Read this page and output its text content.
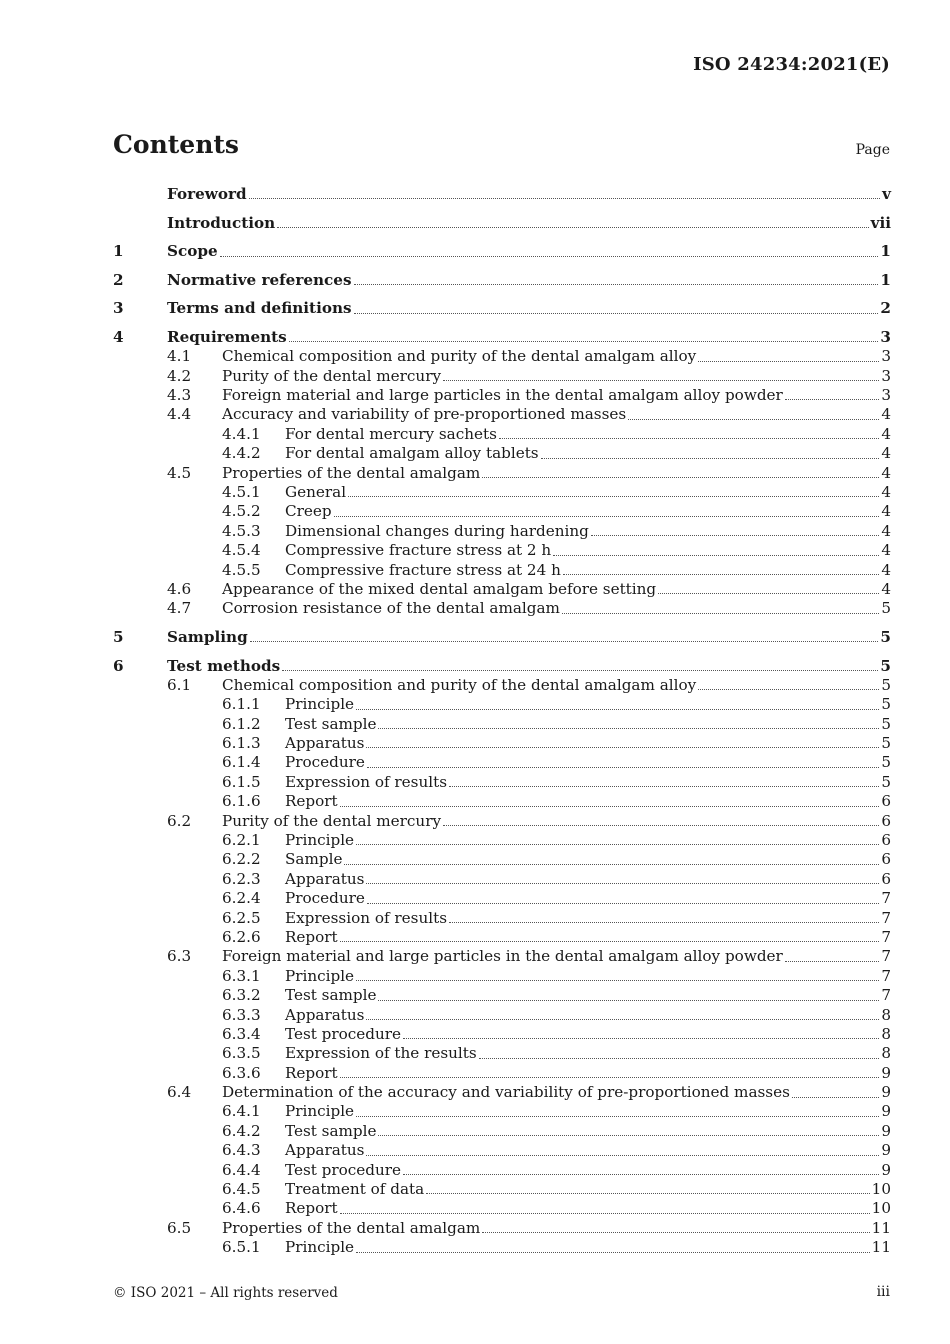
ISO 24234:2021(E)
Contents	Page
Foreword	v
Introduction	vii
1	Scope	1
2	Normative references	1
3	Terms and definitions	2
4	Requirements	3
4.1	Chemical composition and purity of the dental amalgam alloy	3
4.2	Purity of the dental mercury	3
4.3	Foreign material and large particles in the dental amalgam alloy powder	3
4.4	Accuracy and variability of pre-proportioned masses	4
4.4.1	For dental mercury sachets	4
4.4.2	For dental amalgam alloy tablets	4
4.5	Properties of the dental amalgam	4
4.5.1	General	4
4.5.2	Creep	4
4.5.3	Dimensional changes during hardening	4
4.5.4	Compressive fracture stress at 2 h	4
4.5.5	Compressive fracture stress at 24 h	4
4.6	Appearance of the mixed dental amalgam before setting	4
4.7	Corrosion resistance of the dental amalgam	5
5	Sampling	5
6	Test methods	5
6.1	Chemical composition and purity of the dental amalgam alloy	5
6.1.1	Principle	5
6.1.2	Test sample	5
6.1.3	Apparatus	5
6.1.4	Procedure	5
6.1.5	Expression of results	5
6.1.6	Report	6
6.2	Purity of the dental mercury	6
6.2.1	Principle	6
6.2.2	Sample	6
6.2.3	Apparatus	6
6.2.4	Procedure	7
6.2.5	Expression of results	7
6.2.6	Report	7
6.3	Foreign material and large particles in the dental amalgam alloy powder	7
6.3.1	Principle	7
6.3.2	Test sample	7
6.3.3	Apparatus	8
6.3.4	Test procedure	8
6.3.5	Expression of the results	8
6.3.6	Report	9
6.4	Determination of the accuracy and variability of pre-proportioned masses	9
6.4.1	Principle	9
6.4.2	Test sample	9
6.4.3	Apparatus	9
6.4.4	Test procedure	9
6.4.5	Treatment of data	10
6.4.6	Report	10
6.5	Properties of the dental amalgam	11
6.5.1	Principle	11
© ISO 2021 – All rights reserved	iii
